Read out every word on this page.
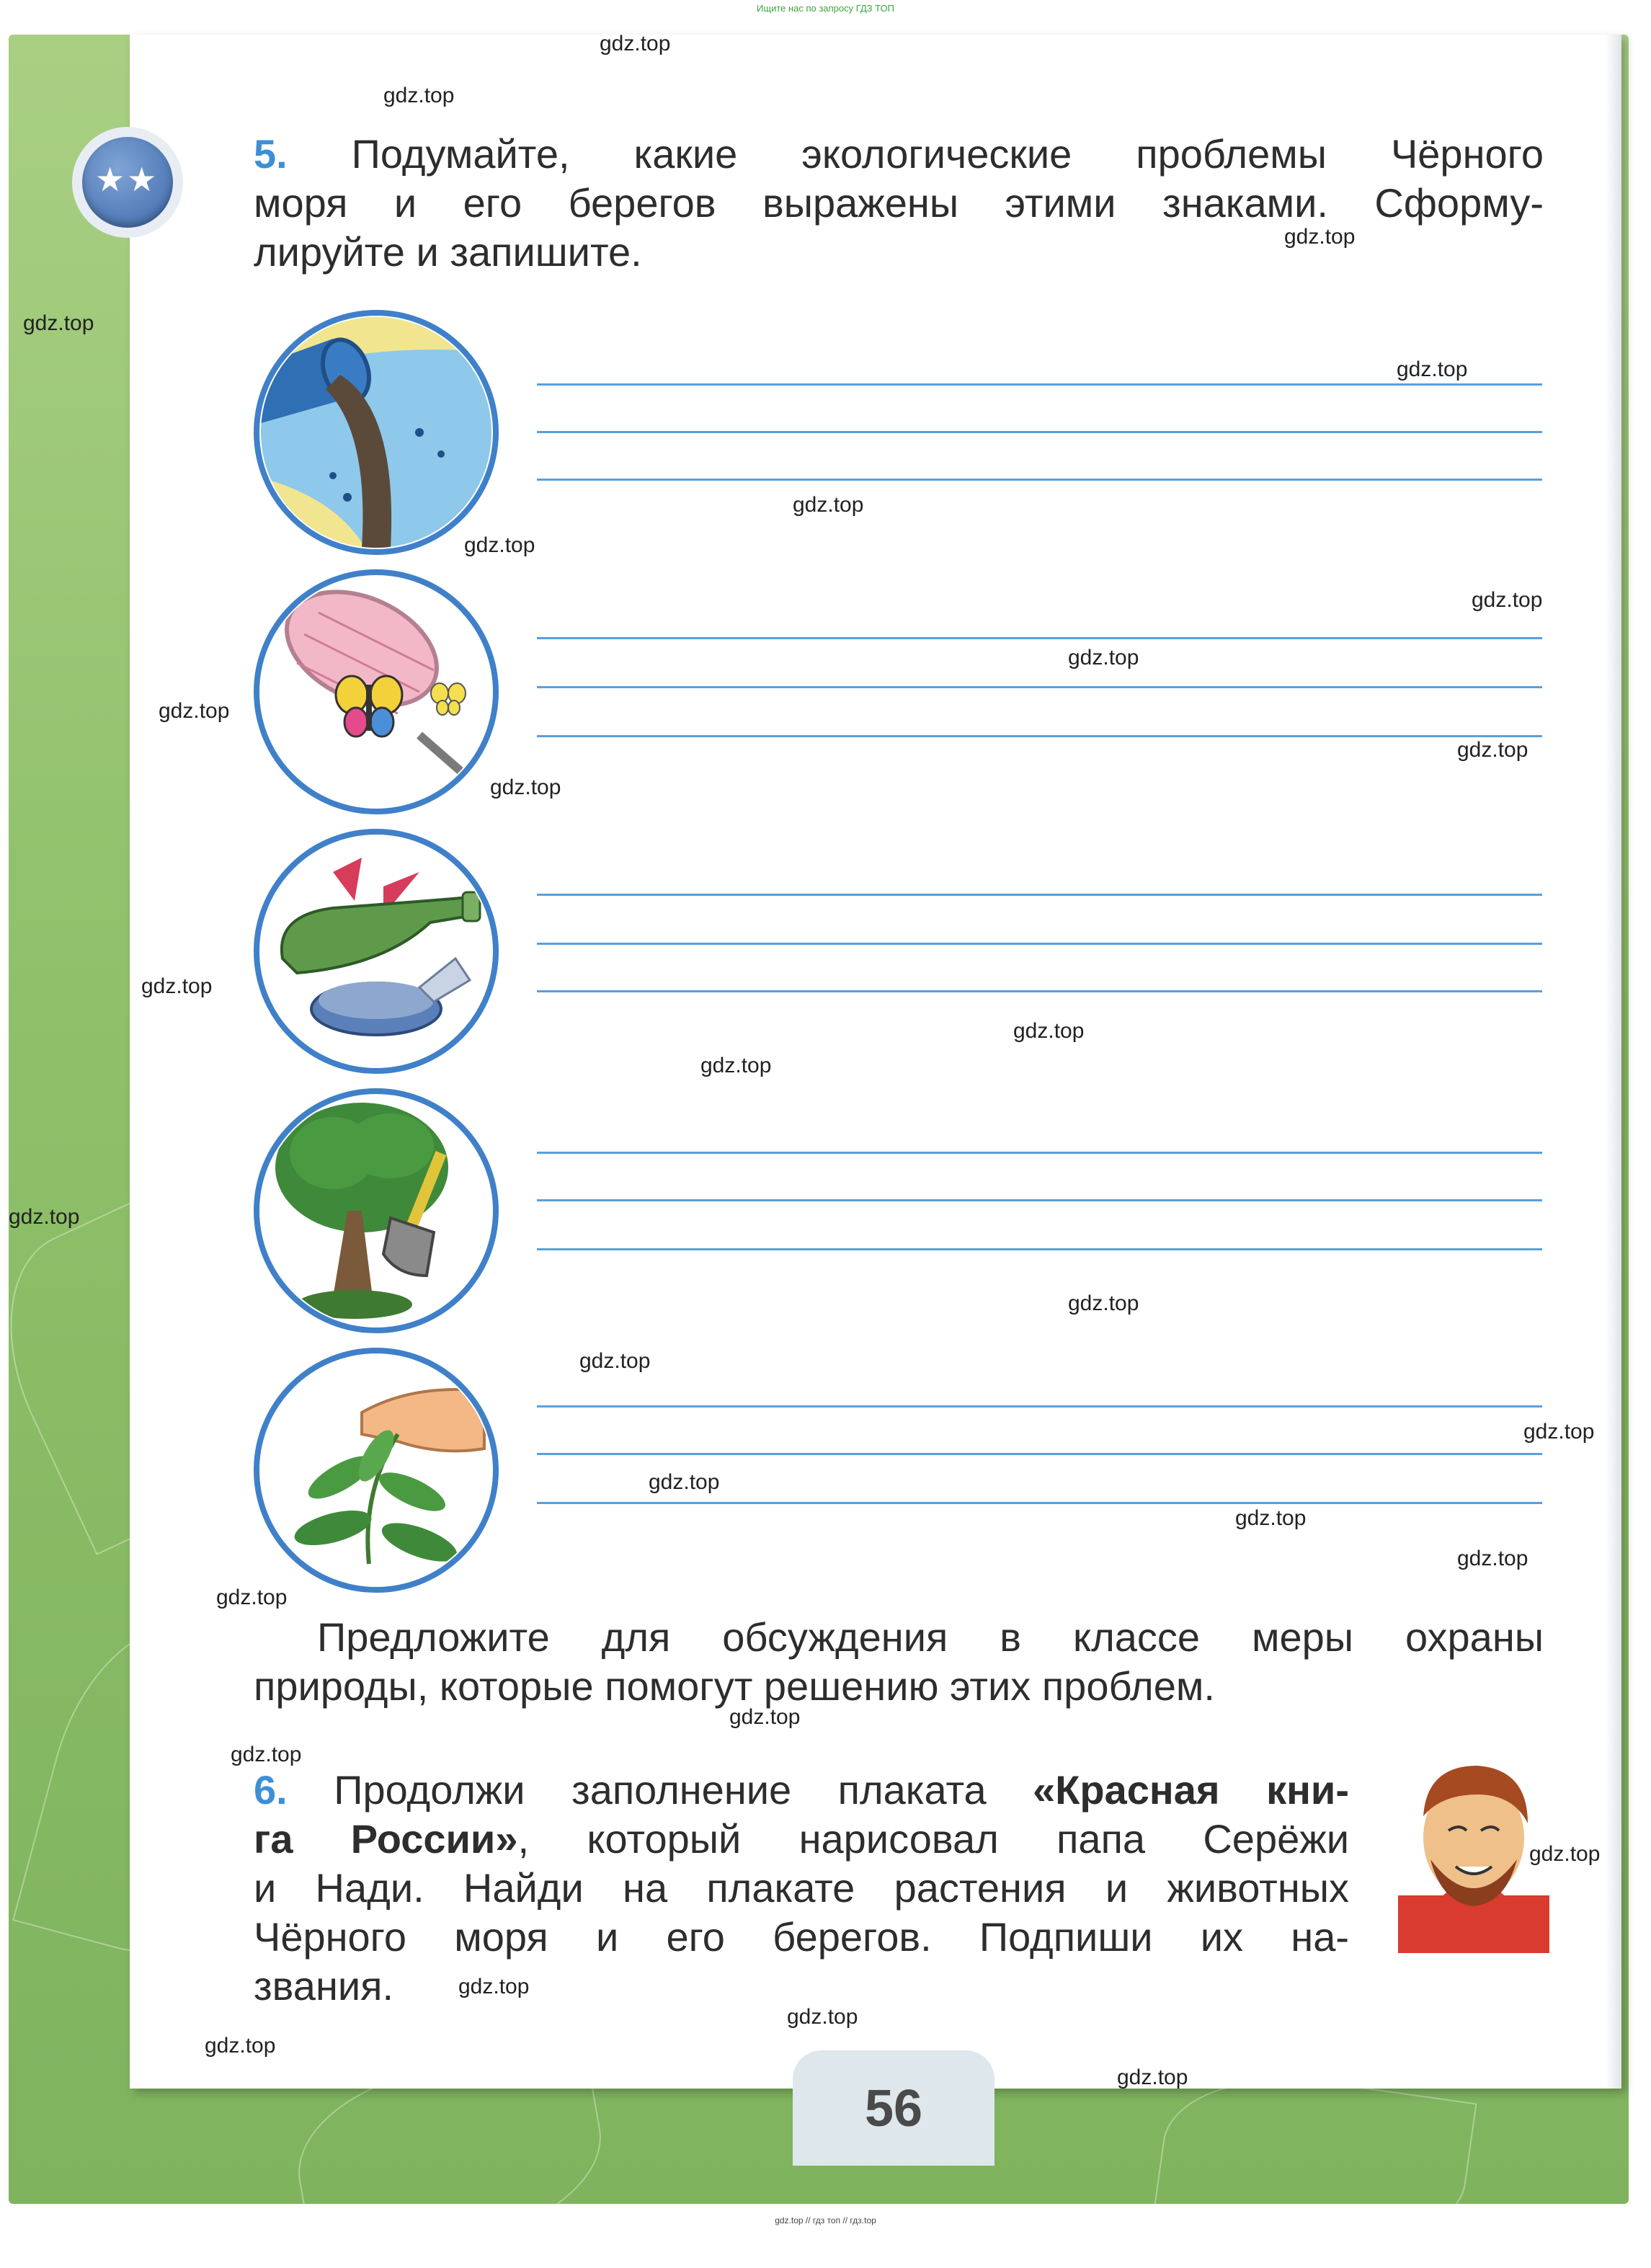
Ищите нас по запросу ГДЗ ТОП
★ ★
5. Подумайте, какие экологические проблемы Чёрного
моря и его берегов выражены этими знаками. Сформу-
лируйте и запишите.
Предложите для обсуждения в классе меры охраны
природы, которые помогут решению этих проблем.
6. Продолжи заполнение плаката «Красная кни-
га России», который нарисовал папа Серёжи
и Нади. Найди на плакате растения и животных
Чёрного моря и его берегов. Подпиши их на-
звания.
56
gdz.top
gdz.top
gdz.top
gdz.top
gdz.top
gdz.top
gdz.top
gdz.top
gdz.top
gdz.top
gdz.top
gdz.top
gdz.top
gdz.top
gdz.top
gdz.top
gdz.top
gdz.top
gdz.top
gdz.top
gdz.top
gdz.top
gdz.top
gdz.top
gdz.top
gdz.top
gdz.top
gdz.top
gdz.top
gdz.top
gdz.top // гдз топ // гдз.top
